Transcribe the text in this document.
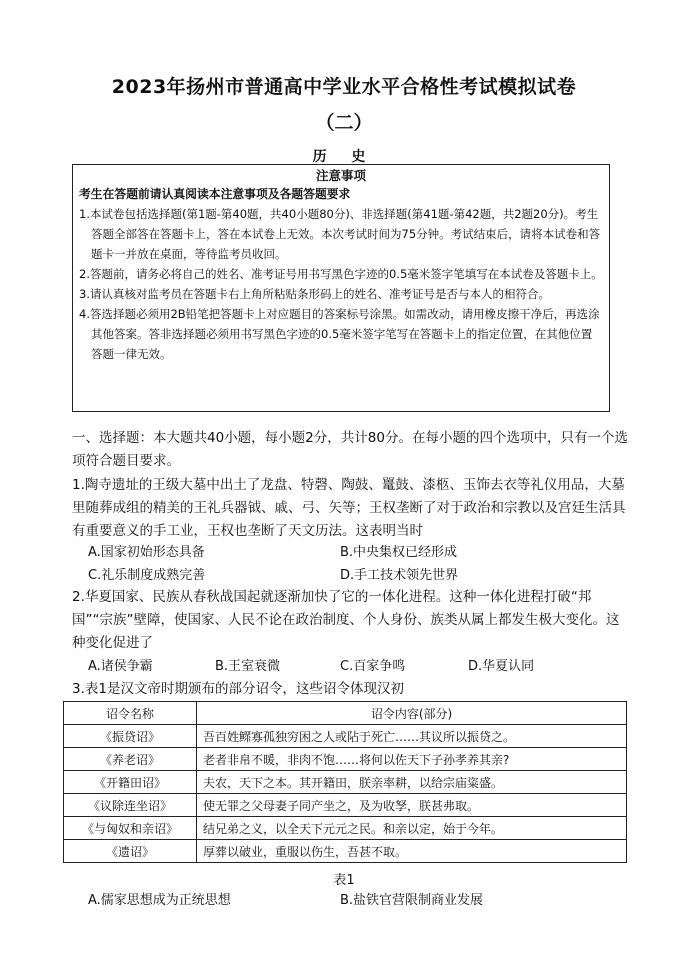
2023年扬州市普通高中学业水平合格性考试模拟试卷
（二）
历 史
注意事项
考生在答题前请认真阅读本注意事项及各题答题要求
1.本试卷包括选择题(第1题-第40题，共40小题80分)、非选择题(第41题-第42题，共2题20分)。考生答题全部答在答题卡上，答在本试卷上无效。本次考试时间为75分钟。考试结束后，请将本试卷和答题卡一并放在桌面，等待监考员收回。
2.答题前，请务必将自己的姓名、准考证号用书写黑色字迹的0.5毫米签字笔填写在本试卷及答题卡上。
3.请认真核对监考员在答题卡右上角所粘贴条形码上的姓名、准考证号是否与本人的相符合。
4.答选择题必须用2B铅笔把答题卡上对应题目的答案标号涂黑。如需改动，请用橡皮擦干净后，再选涂其他答案。答非选择题必须用书写黑色字迹的0.5毫米签字笔写在答题卡上的指定位置，在其他位置答题一律无效。
一、选择题：本大题共40小题，每小题2分，共计80分。在每小题的四个选项中，只有一个选项符合题目要求。
1.陶寺遗址的王级大墓中出土了龙盘、特磬、陶鼓、鼍鼓、漆柩、玉饰去衣等礼仪用品，大墓里随葬成组的精美的王礼兵器钺、戚、弓、矢等；王权垄断了对于政治和宗教以及宫廷生活具有重要意义的手工业，王权也垄断了天文历法。这表明当时
A.国家初始形态具备	B.中央集权已经形成
C.礼乐制度成熟完善	D.手工技术领先世界
2.华夏国家、民族从春秋战国起就逐渐加快了它的一体化进程。这种一体化进程打破“邦国”“宗族”壁障，使国家、人民不论在政治制度、个人身份、族类从属上都发生极大变化。这种变化促进了
A.诸侯争霸	B.王室衰微	C.百家争鸣	D.华夏认同
3.表1是汉文帝时期颁布的部分诏令，这些诏令体现汉初
诏令名称	诏令内容(部分)
《振贷诏》	吾百姓鳏寡孤独穷困之人或阽于死亡……其议所以振贷之。
《养老诏》	老者非帛不暖，非肉不饱……将何以佐天下子孙孝养其亲?
《开籍田诏》	夫农，天下之本。其开籍田，朕亲率耕，以给宗庙粢盛。
《议除连坐诏》	使无罪之父母妻子同产坐之，及为收孥，朕甚弗取。
《与匈奴和亲诏》	结兄弟之义，以全天下元元之民。和亲以定，始于今年。
《遗诏》	厚葬以破业，重服以伤生，吾甚不取。
表1
A.儒家思想成为正统思想	B.盐铁官营限制商业发展
